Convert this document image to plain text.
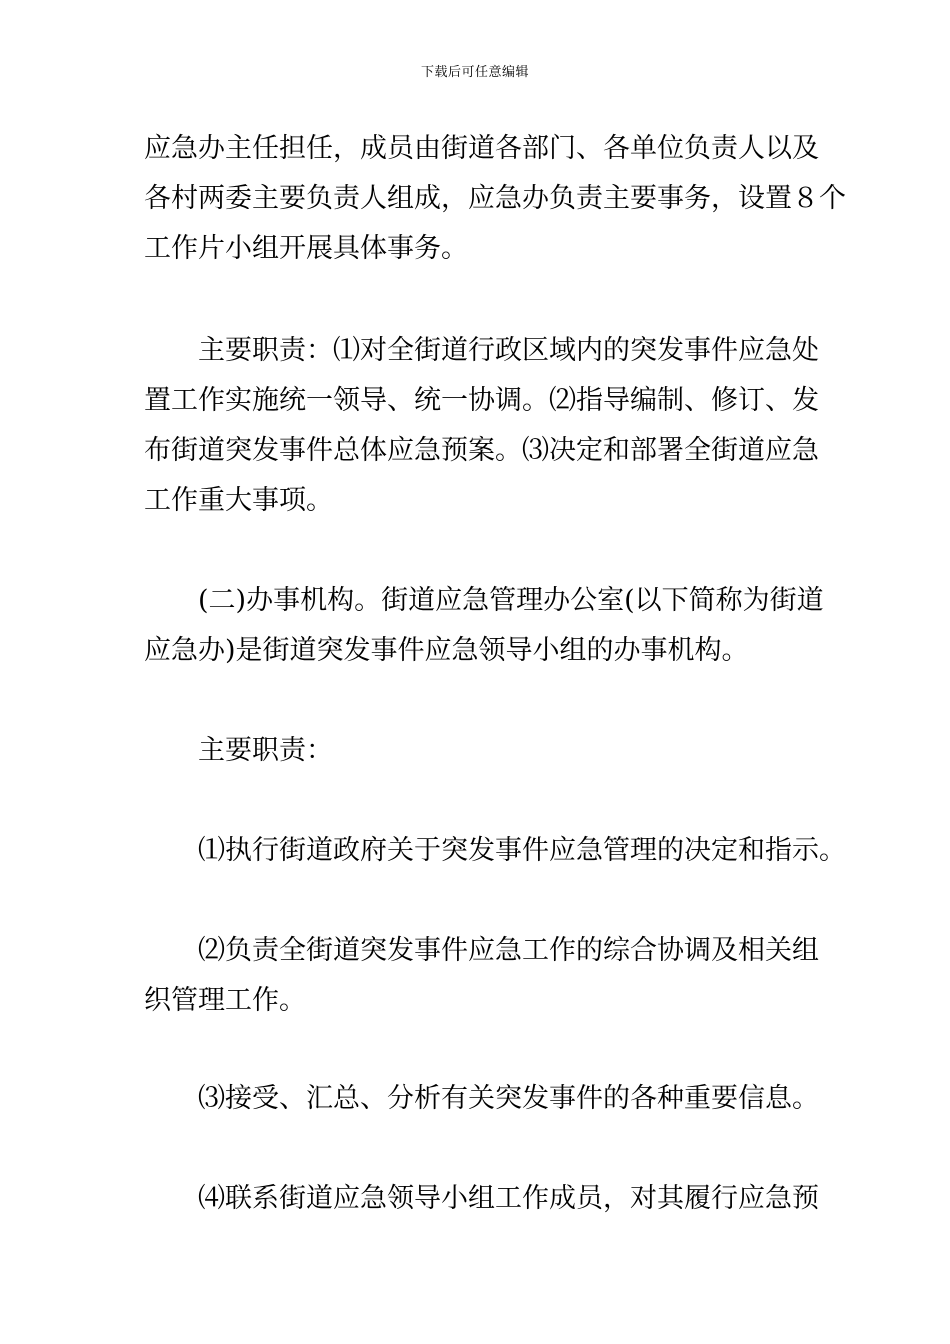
下载后可任意编辑
应急办主任担任，成员由街道各部门、各单位负责人以及
各村两委主要负责人组成，应急办负责主要事务，设置８个
工作片小组开展具体事务。
主要职责：⑴对全街道行政区域内的突发事件应急处
置工作实施统一领导、统一协调。⑵指导编制、修订、发
布街道突发事件总体应急预案。⑶决定和部署全街道应急
工作重大事项。
(二)办事机构。街道应急管理办公室(以下简称为街道
应急办)是街道突发事件应急领导小组的办事机构。
主要职责：
⑴执行街道政府关于突发事件应急管理的决定和指示。
⑵负责全街道突发事件应急工作的综合协调及相关组
织管理工作。
⑶接受、汇总、分析有关突发事件的各种重要信息。
⑷联系街道应急领导小组工作成员，对其履行应急预
